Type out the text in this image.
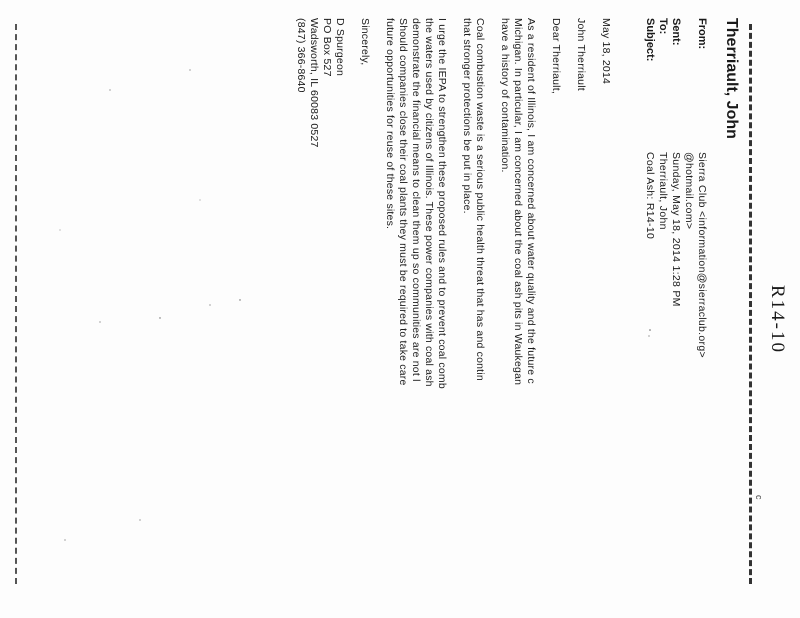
R14-10
Therriault, John
From:
Sierra Club <information@sierraclub.org>
@hotmail.com>
Sent:
Sunday, May 18, 2014 1:28 PM
To:
Therriault, John
Subject:
Coal Ash: R14-10
May 18, 2014
John Therriault
Dear Therriault,
As a resident of Illinois, I am concerned about water quality and the future c
Michigan. In particular, I am concerned about the coal ash pits in Waukegan
have a history of contamination.
Coal combustion waste is a serious public health threat that has and contin
that stronger protections be put in place.
I urge the IEPA to strengthen these proposed rules and to prevent coal comb
the waters used by citizens of Illinois. These power companies with coal ash
demonstrate the financial means to clean them up so communities are not l
Should companies close their coal plants they must be required to take care
future opportunities for reuse of these sites.
Sincerely,
D Spurgeon
PO Box 527
Wadsworth, IL 60083 0527
(847) 366-8640
c
